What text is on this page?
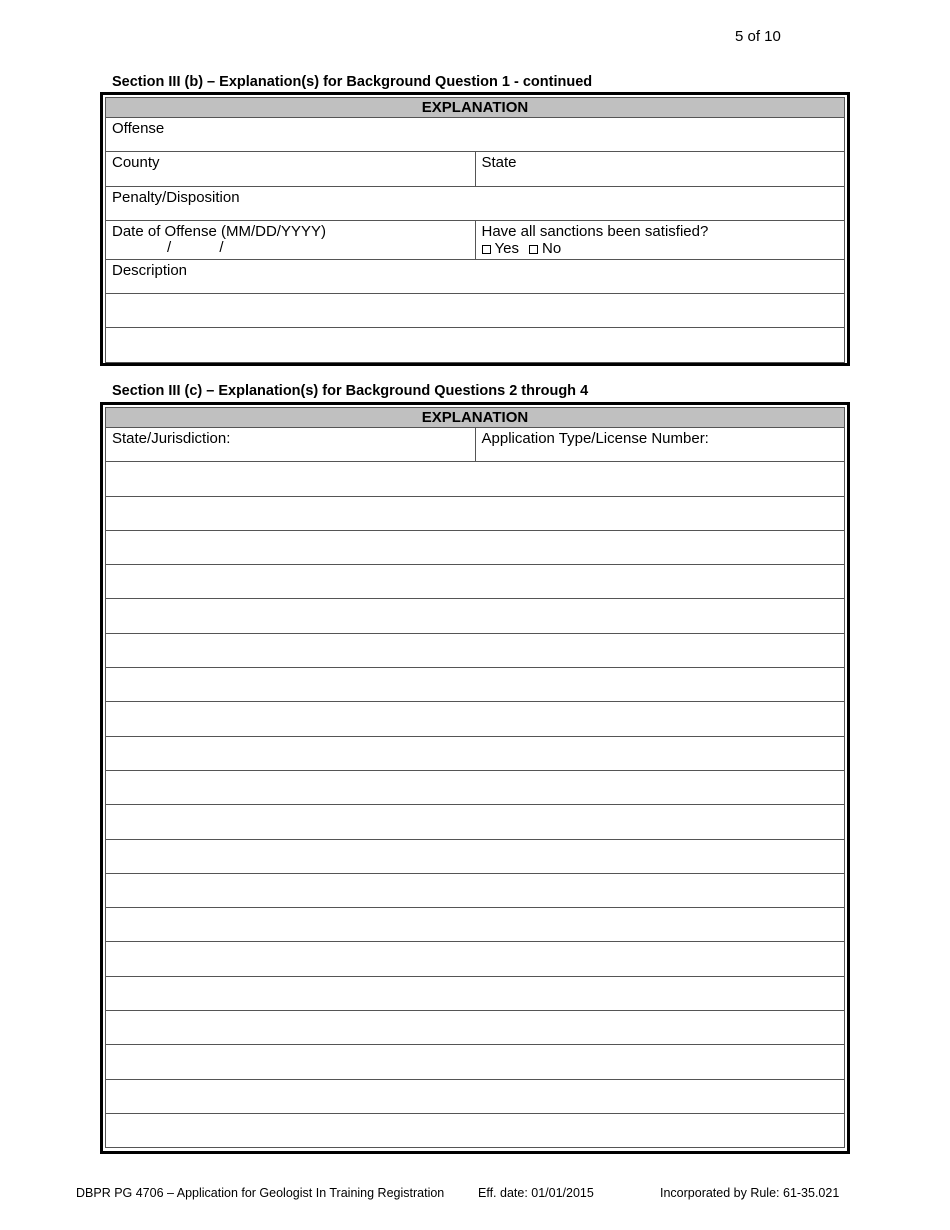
5 of 10
Section III (b) – Explanation(s) for Background Question 1 - continued
EXPLANATION	

Offense	

County	State

Penalty/Disposition	

Date of Offense (MM/DD/YYYY)
/ /	Have all sanctions been satisfied?
Yes No

Description	

Section III (c) – Explanation(s) for Background Questions 2 through 4
EXPLANATION

State/Jurisdiction:	Application Type/License Number:

DBPR PG 4706 – Application for Geologist In Training Registration	Eff. date: 01/01/2015	Incorporated by Rule: 61-35.021
